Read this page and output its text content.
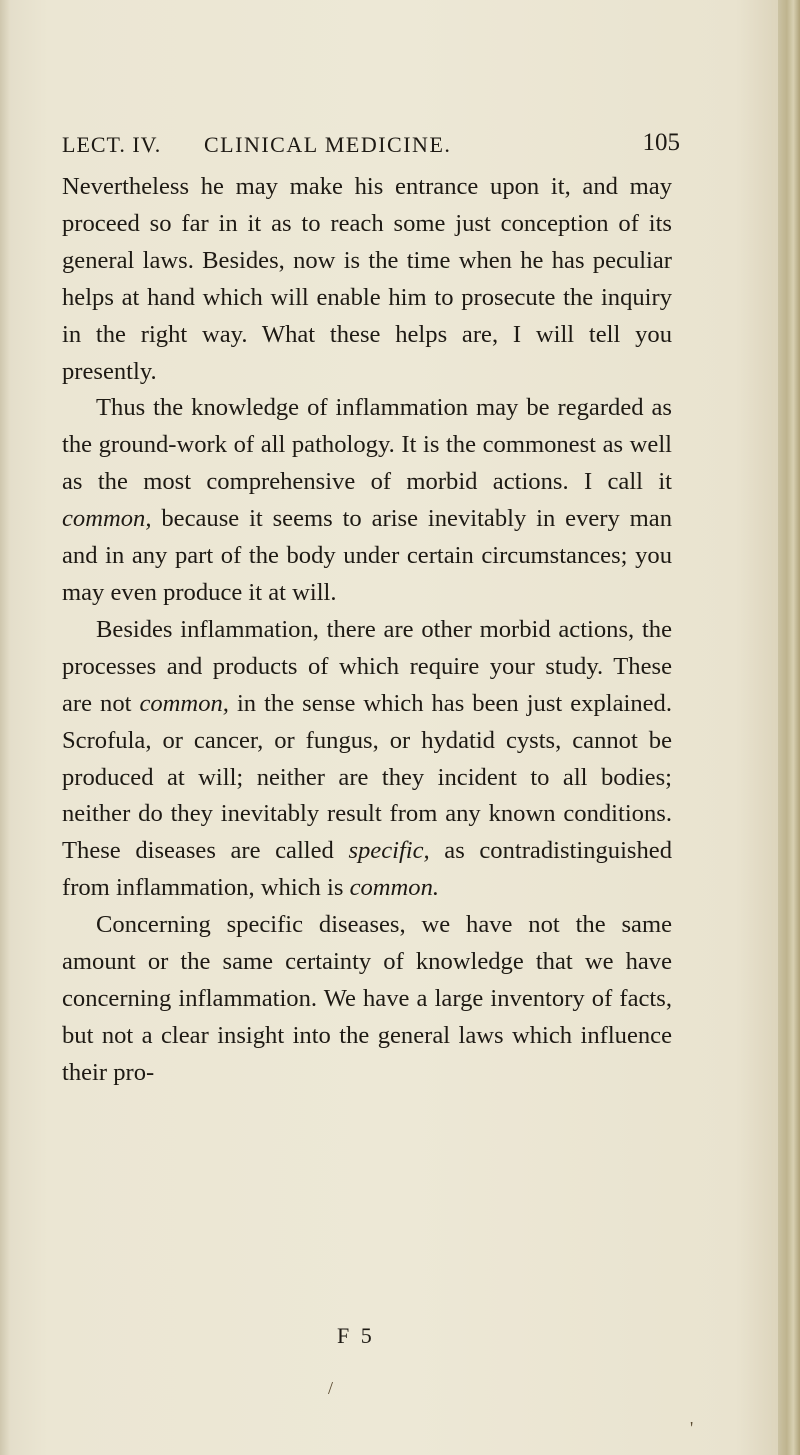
LECT. IV. CLINICAL MEDICINE.	105

Nevertheless he may make his entrance upon it, and may proceed so far in it as to reach some just conception of its general laws. Besides, now is the time when he has peculiar helps at hand which will enable him to prosecute the inquiry in the right way. What these helps are, I will tell you presently.

Thus the knowledge of inflammation may be regarded as the ground-work of all pathology. It is the commonest as well as the most comprehensive of morbid actions. I call it common, because it seems to arise inevitably in every man and in any part of the body under certain circumstances; you may even produce it at will.

Besides inflammation, there are other morbid actions, the processes and products of which require your study. These are not common, in the sense which has been just explained. Scrofula, or cancer, or fungus, or hydatid cysts, cannot be produced at will; neither are they incident to all bodies; neither do they inevitably result from any known conditions. These diseases are called specific, as contradistinguished from inflammation, which is common.

Concerning specific diseases, we have not the same amount or the same certainty of knowledge that we have concerning inflammation. We have a large inventory of facts, but not a clear insight into the general laws which influence their pro-

F 5
/
'
